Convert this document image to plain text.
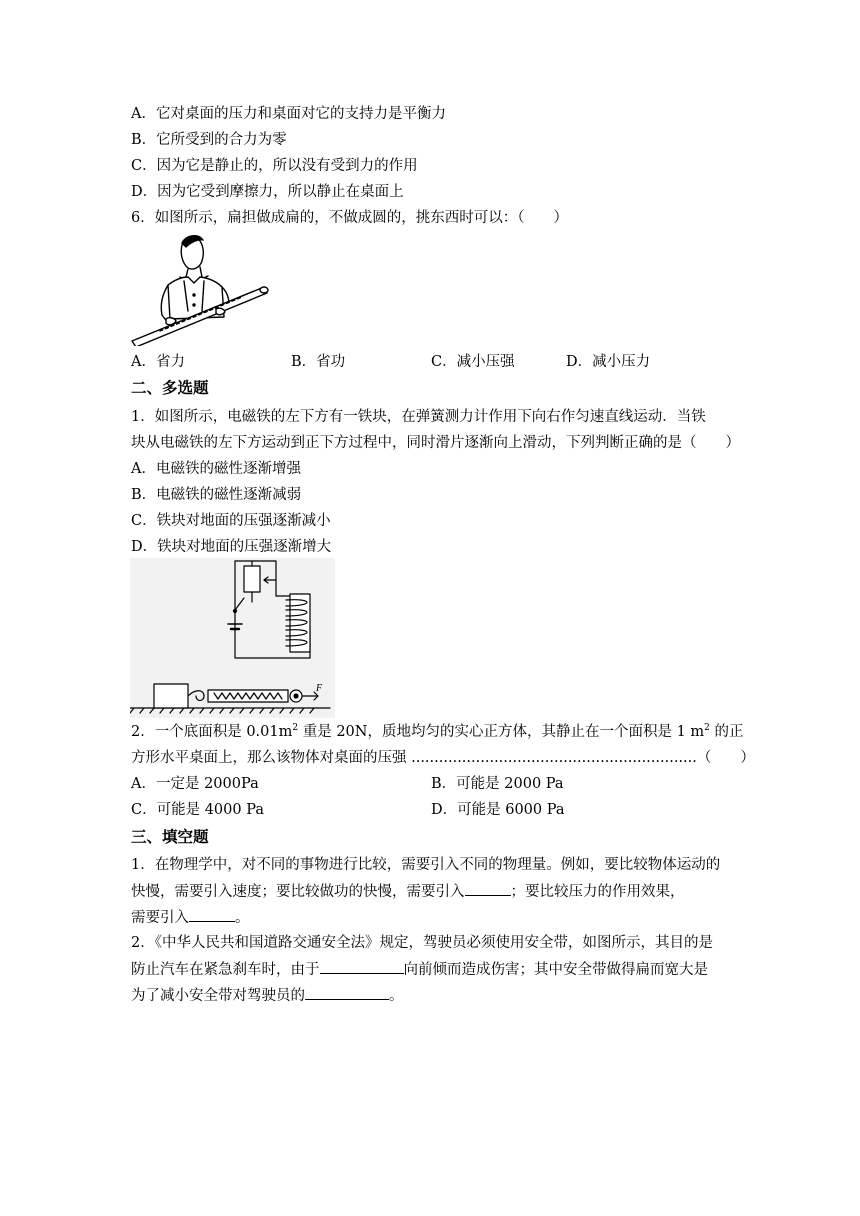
A．它对桌面的压力和桌面对它的支持力是平衡力
B．它所受到的合力为零
C．因为它是静止的，所以没有受到力的作用
D．因为它受到摩擦力，所以静止在桌面上
6．如图所示，扁担做成扁的，不做成圆的，挑东西时可以：（　　）
A．省力	B．省功	C．减小压强	D．减小压力
二、多选题
1．如图所示，电磁铁的左下方有一铁块，在弹簧测力计作用下向右作匀速直线运动．当铁
块从电磁铁的左下方运动到正下方过程中，同时滑片逐渐向上滑动，下列判断正确的是（　　）
A．电磁铁的磁性逐渐增强
B．电磁铁的磁性逐渐减弱
C．铁块对地面的压强逐渐减小
D．铁块对地面的压强逐渐增大
F
2．一个底面积是 $0.01m^2$ 重是 20N，质地均匀的实心正方体，其静止在一个面积是 1 $m^2$ 的正
方形水平桌面上，那么该物体对桌面的压强 ..............................................................（　　）
A．一定是 2000Pa	B．可能是 2000 Pa
C．可能是 4000 Pa	D．可能是 6000 Pa
三、填空题
1．在物理学中，对不同的事物进行比较，需要引入不同的物理量。例如，要比较物体运动的
快慢，需要引入速度；要比较做功的快慢，需要引入	；要比较压力的作用效果，
需要引入	。
2．《中华人民共和国道路交通安全法》规定，驾驶员必须使用安全带，如图所示，其目的是
防止汽车在紧急刹车时，由于	向前倾而造成伤害；其中安全带做得扁而宽大是
为了减小安全带对驾驶员的	。
